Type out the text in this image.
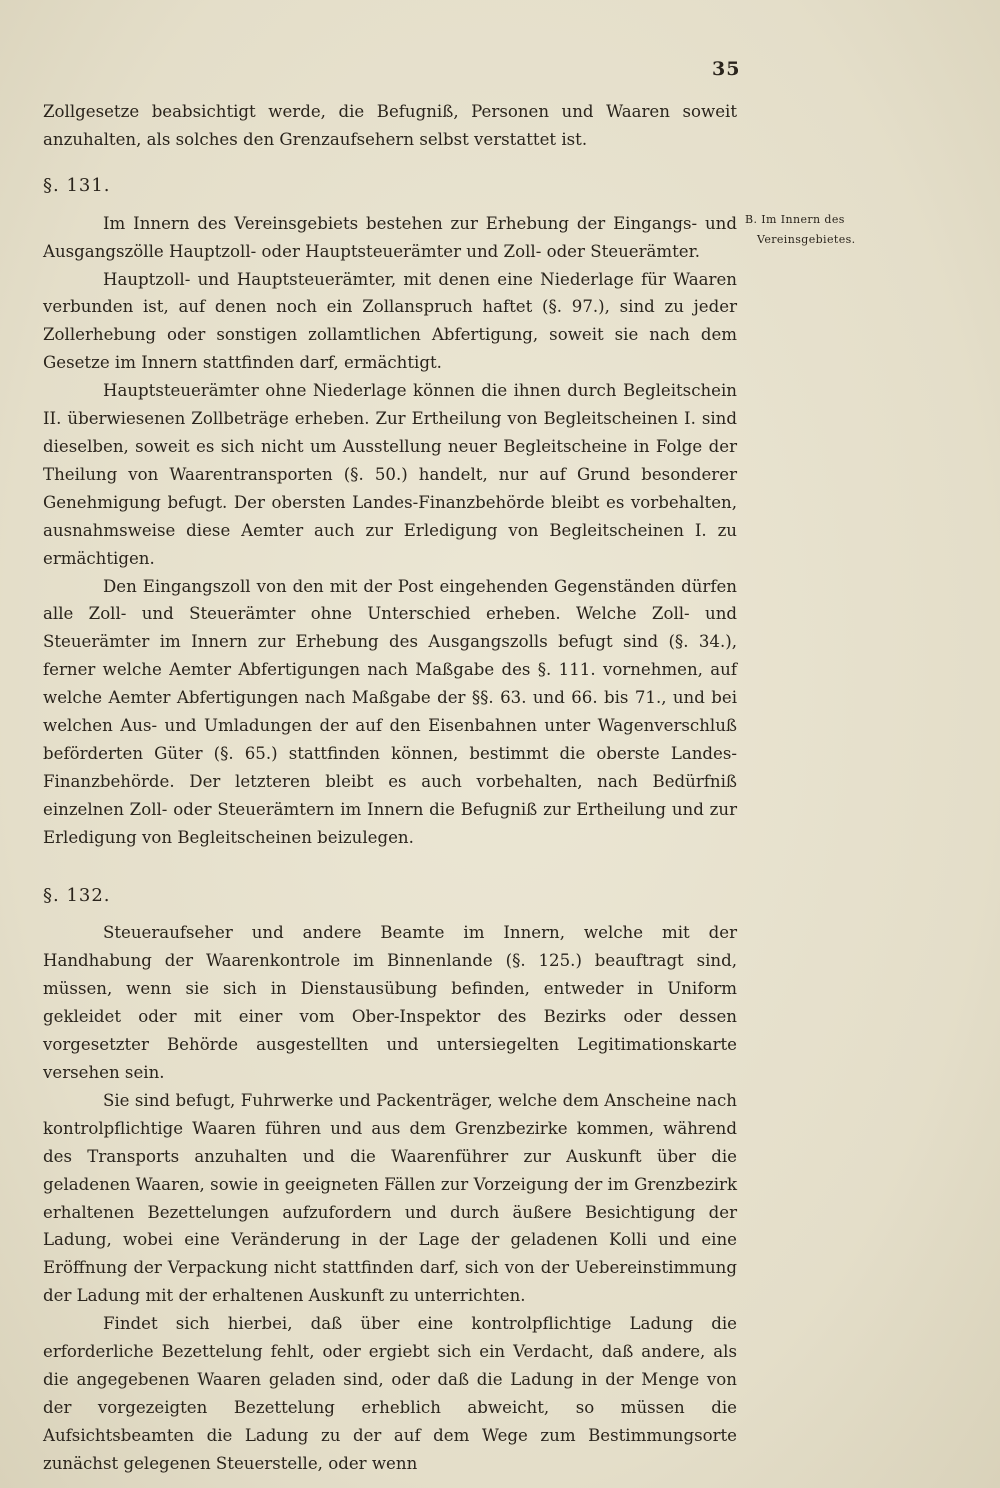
35
B. Im Innern des
Vereinsgebietes.

Zollgesetze beabsichtigt werde, die Befugniß, Personen und Waaren soweit anzuhalten, als solches den Grenzaufsehern selbst verstattet ist.

§. 131.

Im Innern des Vereinsgebiets bestehen zur Erhebung der Eingangs- und Ausgangszölle Hauptzoll- oder Hauptsteuerämter und Zoll- oder Steuerämter.

Hauptzoll- und Hauptsteuerämter, mit denen eine Niederlage für Waaren verbunden ist, auf denen noch ein Zollanspruch haftet (§. 97.), sind zu jeder Zollerhebung oder sonstigen zollamtlichen Abfertigung, soweit sie nach dem Gesetze im Innern stattfinden darf, ermächtigt.

Hauptsteuerämter ohne Niederlage können die ihnen durch Begleitschein II. überwiesenen Zollbeträge erheben. Zur Ertheilung von Begleitscheinen I. sind dieselben, soweit es sich nicht um Ausstellung neuer Begleitscheine in Folge der Theilung von Waarentransporten (§. 50.) handelt, nur auf Grund besonderer Genehmigung befugt. Der obersten Landes-Finanzbehörde bleibt es vorbehalten, ausnahmsweise diese Aemter auch zur Erledigung von Begleitscheinen I. zu ermächtigen.

Den Eingangszoll von den mit der Post eingehenden Gegenständen dürfen alle Zoll- und Steuerämter ohne Unterschied erheben. Welche Zoll- und Steuerämter im Innern zur Erhebung des Ausgangszolls befugt sind (§. 34.), ferner welche Aemter Abfertigungen nach Maßgabe des §. 111. vornehmen, auf welche Aemter Abfertigungen nach Maßgabe der §§. 63. und 66. bis 71., und bei welchen Aus- und Umladungen der auf den Eisenbahnen unter Wagenverschluß beförderten Güter (§. 65.) stattfinden können, bestimmt die oberste Landes-Finanzbehörde. Der letzteren bleibt es auch vorbehalten, nach Bedürfniß einzelnen Zoll- oder Steuerämtern im Innern die Befugniß zur Ertheilung und zur Erledigung von Begleitscheinen beizulegen.

§. 132.

Steueraufseher und andere Beamte im Innern, welche mit der Handhabung der Waarenkontrole im Binnenlande (§. 125.) beauftragt sind, müssen, wenn sie sich in Dienstausübung befinden, entweder in Uniform gekleidet oder mit einer vom Ober-Inspektor des Bezirks oder dessen vorgesetzter Behörde ausgestellten und untersiegelten Legitimationskarte versehen sein.

Sie sind befugt, Fuhrwerke und Packenträger, welche dem Anscheine nach kontrolpflichtige Waaren führen und aus dem Grenzbezirke kommen, während des Transports anzuhalten und die Waarenführer zur Auskunft über die geladenen Waaren, sowie in geeigneten Fällen zur Vorzeigung der im Grenzbezirk erhaltenen Bezettelungen aufzufordern und durch äußere Besichtigung der Ladung, wobei eine Veränderung in der Lage der geladenen Kolli und eine Eröffnung der Verpackung nicht stattfinden darf, sich von der Uebereinstimmung der Ladung mit der erhaltenen Auskunft zu unterrichten.

Findet sich hierbei, daß über eine kontrolpflichtige Ladung die erforderliche Bezettelung fehlt, oder ergiebt sich ein Verdacht, daß andere, als die angegebenen Waaren geladen sind, oder daß die Ladung in der Menge von der vorgezeigten Bezettelung erheblich abweicht, so müssen die Aufsichtsbeamten die Ladung zu der auf dem Wege zum Bestimmungsorte zunächst gelegenen Steuerstelle, oder wenn
